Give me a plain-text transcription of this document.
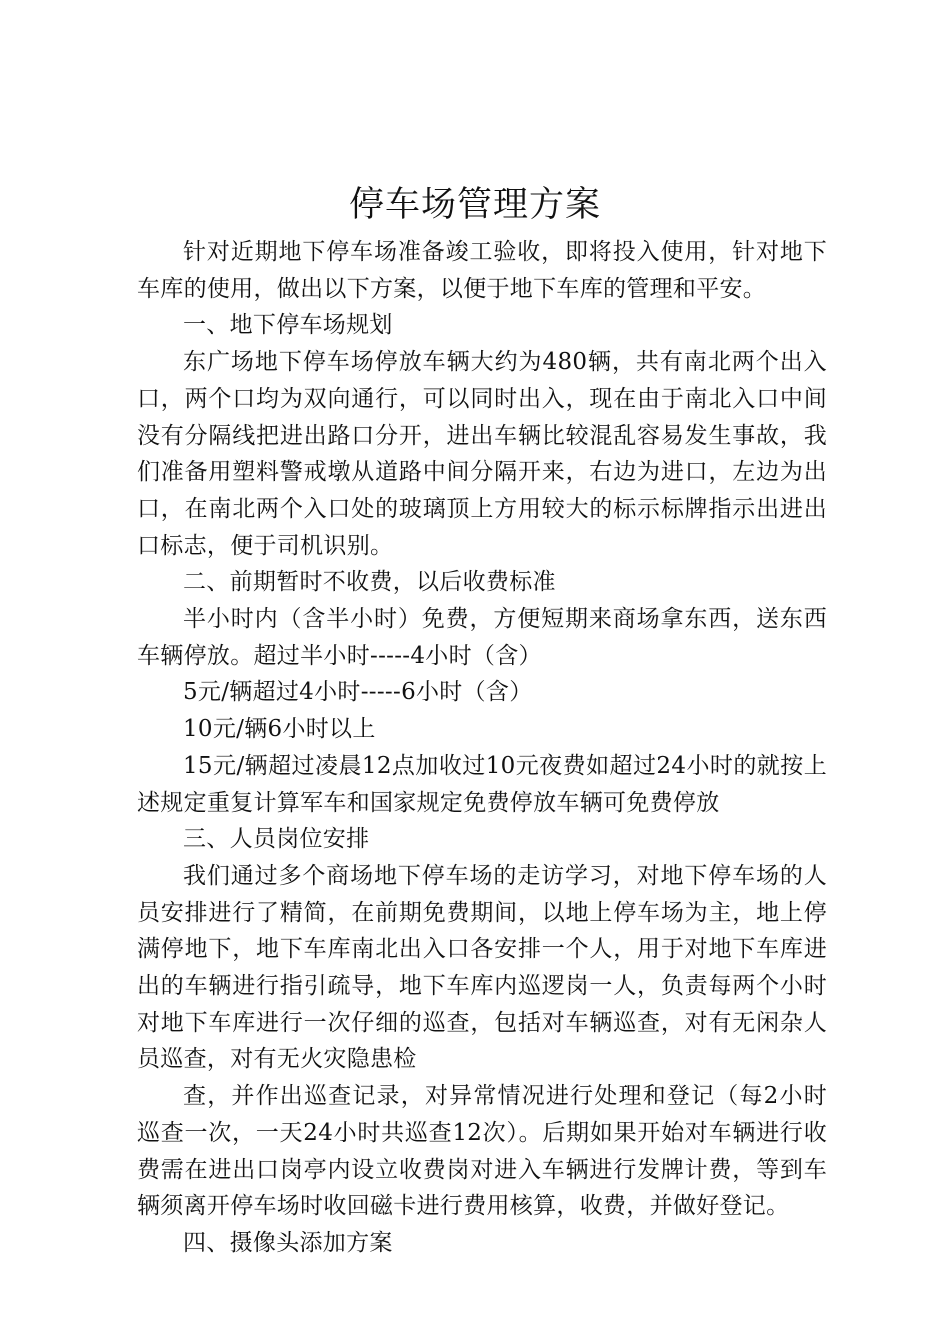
停车场管理方案

针对近期地下停车场准备竣工验收，即将投入使用，针对地下车库的使用，做出以下方案，以便于地下车库的管理和平安。

一、地下停车场规划

东广场地下停车场停放车辆大约为480辆，共有南北两个出入口，两个口均为双向通行，可以同时出入，现在由于南北入口中间没有分隔线把进出路口分开，进出车辆比较混乱容易发生事故，我们准备用塑料警戒墩从道路中间分隔开来，右边为进口，左边为出口，在南北两个入口处的玻璃顶上方用较大的标示标牌指示出进出口标志，便于司机识别。

二、前期暂时不收费，以后收费标准

半小时内（含半小时）免费，方便短期来商场拿东西，送东西车辆停放。超过半小时-----4小时（含）

5元/辆超过4小时-----6小时（含）

10元/辆6小时以上

15元/辆超过凌晨12点加收过10元夜费如超过24小时的就按上述规定重复计算军车和国家规定免费停放车辆可免费停放

三、人员岗位安排

我们通过多个商场地下停车场的走访学习，对地下停车场的人员安排进行了精简，在前期免费期间，以地上停车场为主，地上停满停地下，地下车库南北出入口各安排一个人，用于对地下车库进出的车辆进行指引疏导，地下车库内巡逻岗一人，负责每两个小时对地下车库进行一次仔细的巡查，包括对车辆巡查，对有无闲杂人员巡查，对有无火灾隐患检

查，并作出巡查记录，对异常情况进行处理和登记（每2小时巡查一次，一天24小时共巡查12次）。后期如果开始对车辆进行收费需在进出口岗亭内设立收费岗对进入车辆进行发牌计费，等到车辆须离开停车场时收回磁卡进行费用核算，收费，并做好登记。

四、摄像头添加方案
